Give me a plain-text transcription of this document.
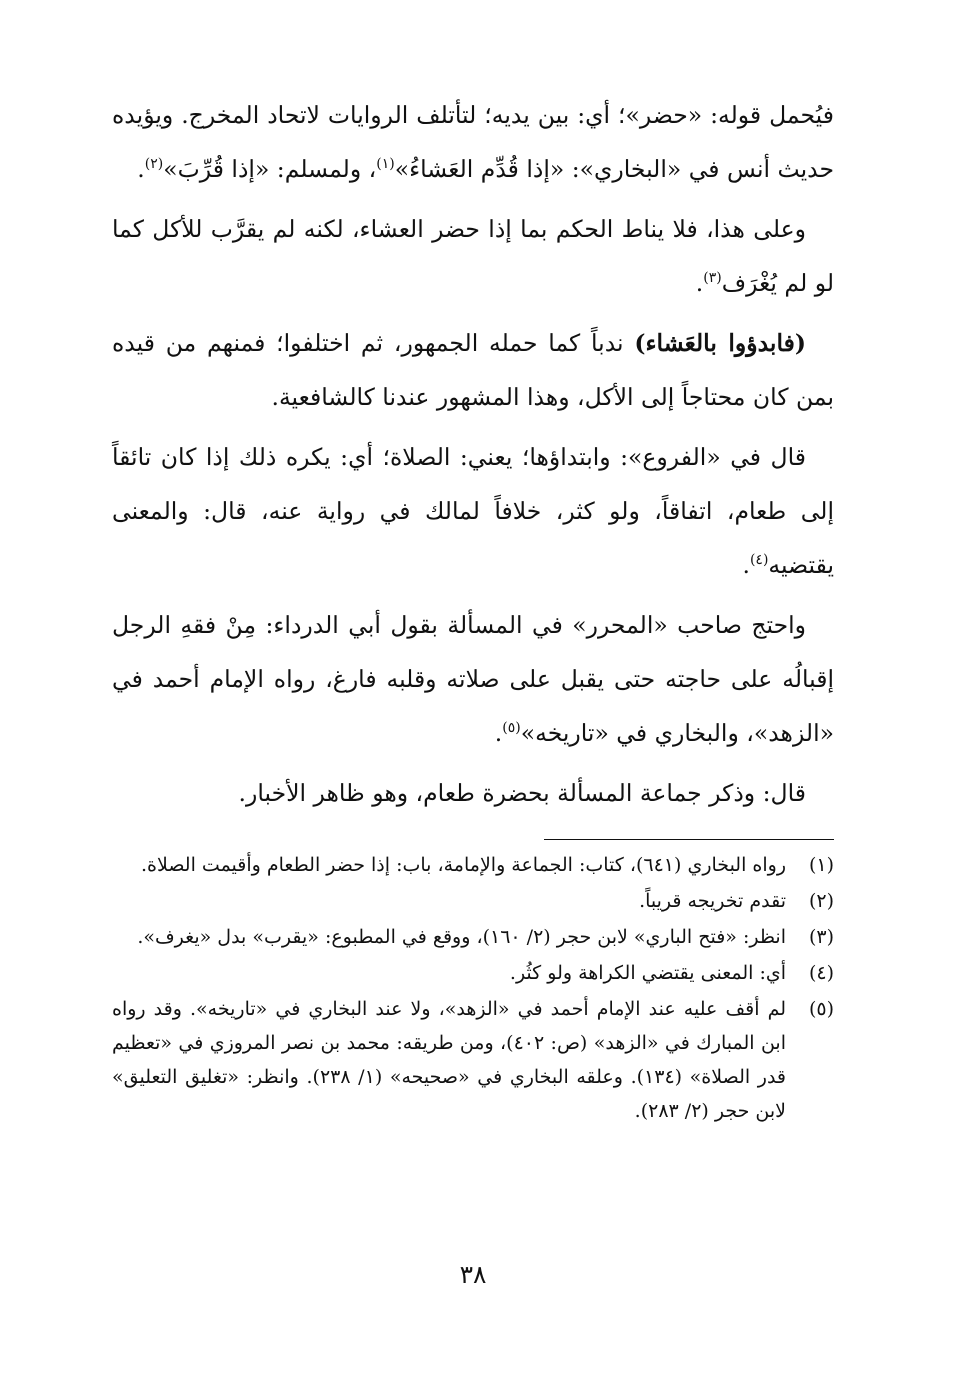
فيُحمل قوله: «حضر»؛ أي: بين يديه؛ لتأتلف الروايات لاتحاد المخرج. ويؤيده حديث أنس في «البخاري»: «إذا قُدِّم العَشاءُ»$^{(١)}$، ولمسلم: «إذا قُرِّبَ»$^{(٢)}$.

وعلى هذا، فلا يناط الحكم بما إذا حضر العشاء، لكنه لم يقرَّب للأكل كما لو لم يُغْرَف$^{(٣)}$.

(فابدؤوا بالعَشاء) ندباً كما حمله الجمهور، ثم اختلفوا؛ فمنهم من قيده بمن كان محتاجاً إلى الأكل، وهذا المشهور عندنا كالشافعية.

قال في «الفروع»: وابتداؤها؛ يعني: الصلاة؛ أي: يكره ذلك إذا كان تائقاً إلى طعام، اتفاقاً، ولو كثر، خلافاً لمالك في رواية عنه، قال: والمعنى يقتضيه$^{(٤)}$.

واحتج صاحب «المحرر» في المسألة بقول أبي الدرداء: مِنْ فقهِ الرجل إقبالُه على حاجته حتى يقبل على صلاته وقلبه فارغ، رواه الإمام أحمد في «الزهد»، والبخاري في «تاريخه»$^{(٥)}$.

قال: وذكر جماعة المسألة بحضرة طعام، وهو ظاهر الأخبار.

(١)
رواه البخاري (٦٤١)، كتاب: الجماعة والإمامة، باب: إذا حضر الطعام وأقيمت الصلاة.
(٢)
تقدم تخريجه قريباً.
(٣)
انظر: «فتح الباري» لابن حجر (٢/ ١٦٠)، ووقع في المطبوع: «يقرب» بدل «يغرف».
(٤)
أي: المعنى يقتضي الكراهة ولو كثُر.
(٥)
لم أقف عليه عند الإمام أحمد في «الزهد»، ولا عند البخاري في «تاريخه». وقد رواه ابن المبارك في «الزهد» (ص: ٤٠٢)، ومن طريقه: محمد بن نصر المروزي في «تعظيم قدر الصلاة» (١٣٤). وعلقه البخاري في «صحيحه» (١/ ٢٣٨). وانظر: «تغليق التعليق» لابن حجر (٢/ ٢٨٣).
٣٨
